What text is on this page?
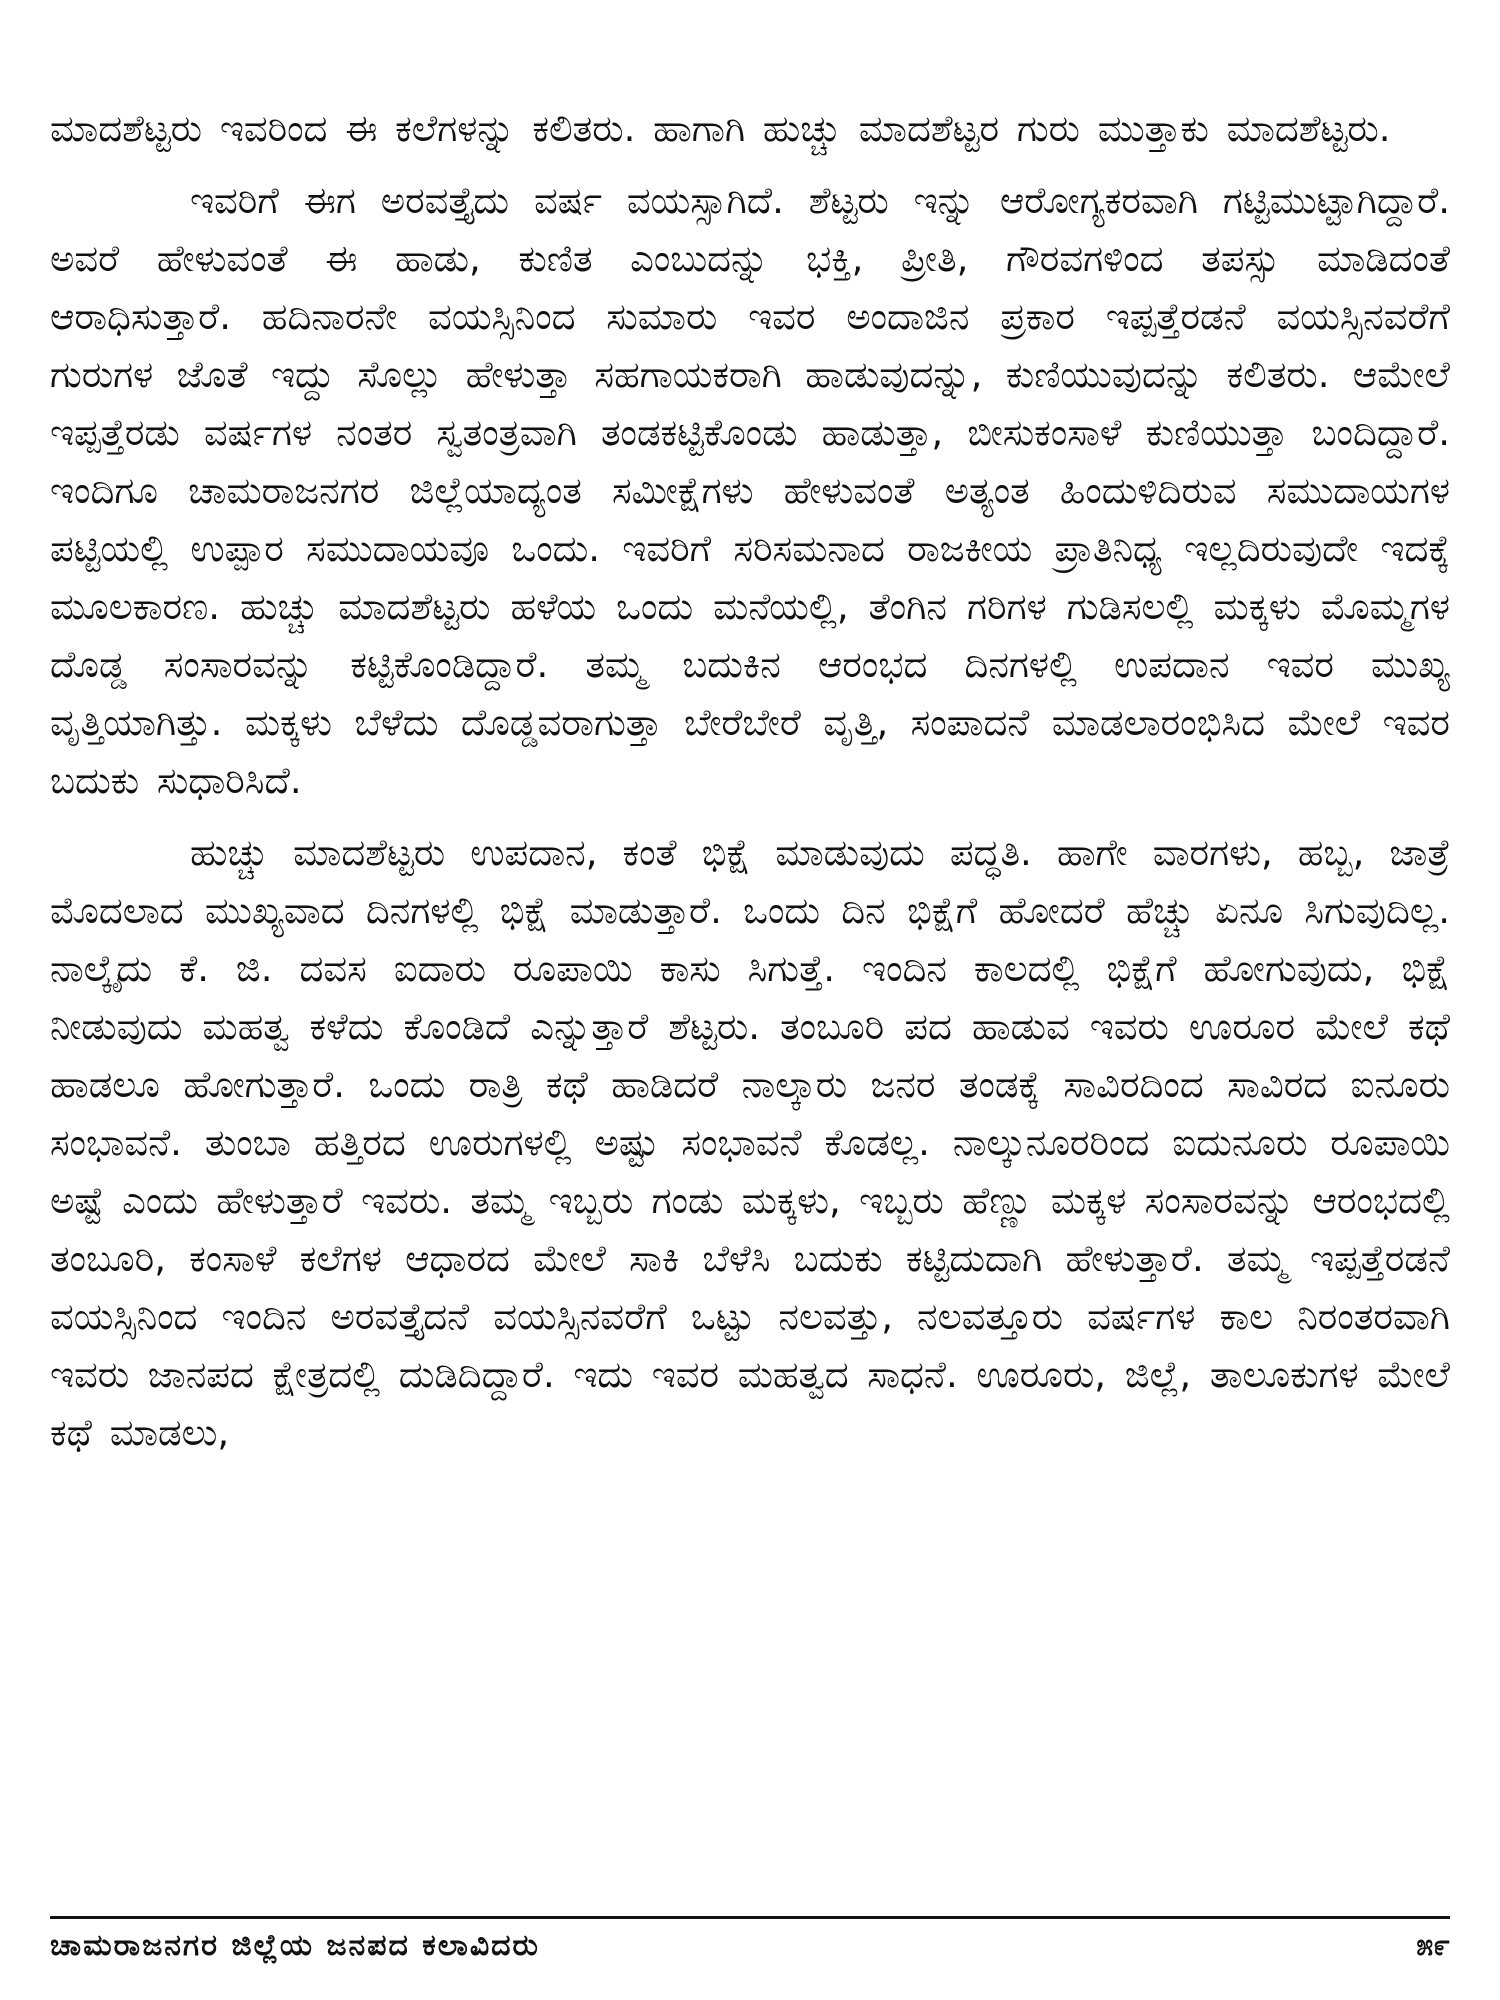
ಮಾದಶೆಟ್ಟರು ಇವರಿಂದ ಈ ಕಲೆಗಳನ್ನು ಕಲಿತರು. ಹಾಗಾಗಿ ಹುಚ್ಚು ಮಾದಶೆಟ್ಟರ ಗುರು ಮುತ್ತಾಕು ಮಾದಶೆಟ್ಟರು.

ಇವರಿಗೆ ಈಗ ಅರವತ್ತೈದು ವರ್ಷ ವಯಸ್ಸಾಗಿದೆ. ಶೆಟ್ಟರು ಇನ್ನು ಆರೋಗ್ಯಕರವಾಗಿ ಗಟ್ಟಿಮುಟ್ಟಾಗಿದ್ದಾರೆ. ಅವರೆ ಹೇಳುವಂತೆ ಈ ಹಾಡು, ಕುಣಿತ ಎಂಬುದನ್ನು ಭಕ್ತಿ, ಪ್ರೀತಿ, ಗೌರವಗಳಿಂದ ತಪಸ್ಸು ಮಾಡಿದಂತೆ ಆರಾಧಿಸುತ್ತಾರೆ. ಹದಿನಾರನೇ ವಯಸ್ಸಿನಿಂದ ಸುಮಾರು ಇವರ ಅಂದಾಜಿನ ಪ್ರಕಾರ ಇಪ್ಪತ್ತೆರಡನೆ ವಯಸ್ಸಿನವರೆಗೆ ಗುರುಗಳ ಜೊತೆ ಇದ್ದು ಸೊಲ್ಲು ಹೇಳುತ್ತಾ ಸಹಗಾಯಕರಾಗಿ ಹಾಡುವುದನ್ನು, ಕುಣಿಯುವುದನ್ನು ಕಲಿತರು. ಆಮೇಲೆ ಇಪ್ಪತ್ತೆರಡು ವರ್ಷಗಳ ನಂತರ ಸ್ವತಂತ್ರವಾಗಿ ತಂಡಕಟ್ಟಿಕೊಂಡು ಹಾಡುತ್ತಾ, ಬೀಸುಕಂಸಾಳೆ ಕುಣಿಯುತ್ತಾ ಬಂದಿದ್ದಾರೆ. ಇಂದಿಗೂ ಚಾಮರಾಜನಗರ ಜಿಲ್ಲೆಯಾದ್ಯಂತ ಸಮೀಕ್ಷೆಗಳು ಹೇಳುವಂತೆ ಅತ್ಯಂತ ಹಿಂದುಳಿದಿರುವ ಸಮುದಾಯಗಳ ಪಟ್ಟಿಯಲ್ಲಿ ಉಪ್ಪಾರ ಸಮುದಾಯವೂ ಒಂದು. ಇವರಿಗೆ ಸರಿಸಮನಾದ ರಾಜಕೀಯ ಪ್ರಾತಿನಿಧ್ಯ ಇಲ್ಲದಿರುವುದೇ ಇದಕ್ಕೆ ಮೂಲಕಾರಣ. ಹುಚ್ಚು ಮಾದಶೆಟ್ಟರು ಹಳೆಯ ಒಂದು ಮನೆಯಲ್ಲಿ, ತೆಂಗಿನ ಗರಿಗಳ ಗುಡಿಸಲಲ್ಲಿ ಮಕ್ಕಳು ಮೊಮ್ಮಗಳ ದೊಡ್ಡ ಸಂಸಾರವನ್ನು ಕಟ್ಟಿಕೊಂಡಿದ್ದಾರೆ. ತಮ್ಮ ಬದುಕಿನ ಆರಂಭದ ದಿನಗಳಲ್ಲಿ ಉಪದಾನ ಇವರ ಮುಖ್ಯ ವೃತ್ತಿಯಾಗಿತ್ತು. ಮಕ್ಕಳು ಬೆಳೆದು ದೊಡ್ಡವರಾಗುತ್ತಾ ಬೇರೆಬೇರೆ ವೃತ್ತಿ, ಸಂಪಾದನೆ ಮಾಡಲಾರಂಭಿಸಿದ ಮೇಲೆ ಇವರ ಬದುಕು ಸುಧಾರಿಸಿದೆ.

ಹುಚ್ಚು ಮಾದಶೆಟ್ಟರು ಉಪದಾನ, ಕಂತೆ ಭಿಕ್ಷೆ ಮಾಡುವುದು ಪದ್ಧತಿ. ಹಾಗೇ ವಾರಗಳು, ಹಬ್ಬ, ಜಾತ್ರೆ ಮೊದಲಾದ ಮುಖ್ಯವಾದ ದಿನಗಳಲ್ಲಿ ಭಿಕ್ಷೆ ಮಾಡುತ್ತಾರೆ. ಒಂದು ದಿನ ಭಿಕ್ಷೆಗೆ ಹೋದರೆ ಹೆಚ್ಚು ಏನೂ ಸಿಗುವುದಿಲ್ಲ. ನಾಲ್ಕೈದು ಕೆ. ಜಿ. ದವಸ ಐದಾರು ರೂಪಾಯಿ ಕಾಸು ಸಿಗುತ್ತೆ. ಇಂದಿನ ಕಾಲದಲ್ಲಿ ಭಿಕ್ಷೆಗೆ ಹೋಗುವುದು, ಭಿಕ್ಷೆ ನೀಡುವುದು ಮಹತ್ವ ಕಳೆದು ಕೊಂಡಿದೆ ಎನ್ನುತ್ತಾರೆ ಶೆಟ್ಟರು. ತಂಬೂರಿ ಪದ ಹಾಡುವ ಇವರು ಊರೂರ ಮೇಲೆ ಕಥೆ ಹಾಡಲೂ ಹೋಗುತ್ತಾರೆ. ಒಂದು ರಾತ್ರಿ ಕಥೆ ಹಾಡಿದರೆ ನಾಲ್ಕಾರು ಜನರ ತಂಡಕ್ಕೆ ಸಾವಿರದಿಂದ ಸಾವಿರದ ಐನೂರು ಸಂಭಾವನೆ. ತುಂಬಾ ಹತ್ತಿರದ ಊರುಗಳಲ್ಲಿ ಅಷ್ಟು ಸಂಭಾವನೆ ಕೊಡಲ್ಲ. ನಾಲ್ಕುನೂರರಿಂದ ಐದುನೂರು ರೂಪಾಯಿ ಅಷ್ಟೆ ಎಂದು ಹೇಳುತ್ತಾರೆ ಇವರು. ತಮ್ಮ ಇಬ್ಬರು ಗಂಡು ಮಕ್ಕಳು, ಇಬ್ಬರು ಹೆಣ್ಣು ಮಕ್ಕಳ ಸಂಸಾರವನ್ನು ಆರಂಭದಲ್ಲಿ ತಂಬೂರಿ, ಕಂಸಾಳೆ ಕಲೆಗಳ ಆಧಾರದ ಮೇಲೆ ಸಾಕಿ ಬೆಳೆಸಿ ಬದುಕು ಕಟ್ಟಿದುದಾಗಿ ಹೇಳುತ್ತಾರೆ. ತಮ್ಮ ಇಪ್ಪತ್ತೆರಡನೆ ವಯಸ್ಸಿನಿಂದ ಇಂದಿನ ಅರವತ್ತೈದನೆ ವಯಸ್ಸಿನವರೆಗೆ ಒಟ್ಟು ನಲವತ್ತು, ನಲವತ್ತೂರು ವರ್ಷಗಳ ಕಾಲ ನಿರಂತರವಾಗಿ ಇವರು ಜಾನಪದ ಕ್ಷೇತ್ರದಲ್ಲಿ ದುಡಿದಿದ್ದಾರೆ. ಇದು ಇವರ ಮಹತ್ವದ ಸಾಧನೆ. ಊರೂರು, ಜಿಲ್ಲೆ, ತಾಲೂಕುಗಳ ಮೇಲೆ ಕಥೆ ಮಾಡಲು,

ಚಾಮರಾಜನಗರ ಜಿಲ್ಲೆಯ ಜನಪದ ಕಲಾವಿದರು	೫೯
